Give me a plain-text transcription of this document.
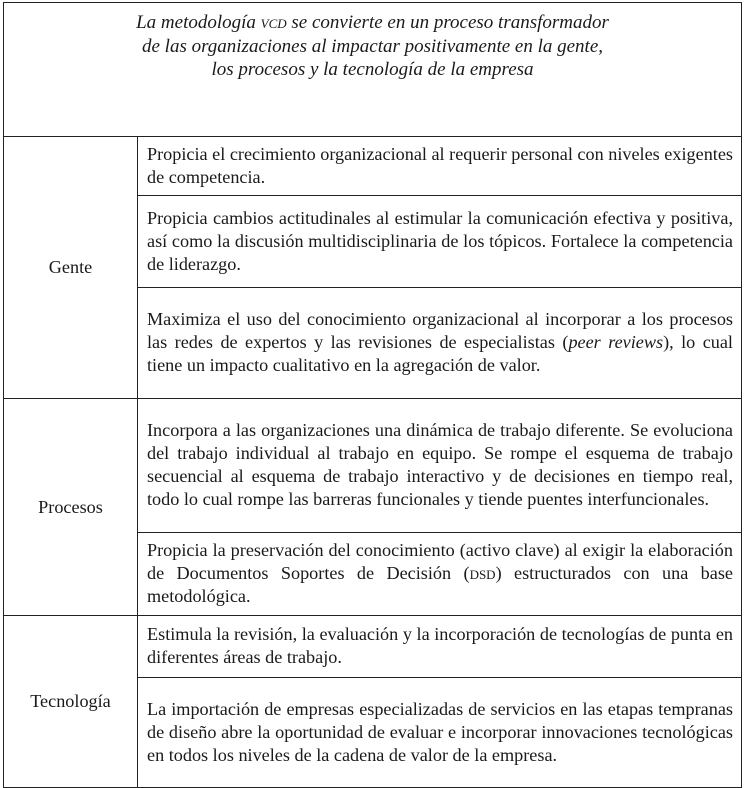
La metodología vcd se convierte en un proceso transformador
de las organizaciones al impactar positivamente en la gente,
los procesos y la tecnología de la empresa	
Gente	Propicia el crecimiento organizacional al requerir personal con niveles exigentes de competencia.
	Propicia cambios actitudinales al estimular la comunicación efectiva y positiva, así como la discusión multidisciplinaria de los tópicos. Fortalece la competencia de liderazgo.
	Maximiza el uso del conocimiento organizacional al incorporar a los procesos las redes de expertos y las revisiones de especialistas (peer reviews), lo cual tiene un impacto cualitativo en la agregación de valor.
Procesos	Incorpora a las organizaciones una dinámica de trabajo diferente. Se evoluciona del trabajo individual al trabajo en equipo. Se rompe el esquema de trabajo secuencial al esquema de trabajo interactivo y de decisiones en tiempo real, todo lo cual rompe las barreras funcionales y tiende puentes interfuncionales.
	Propicia la preservación del conocimiento (activo clave) al exigir la elaboración de Documentos Soportes de Decisión (dsd) estructurados con una base metodológica.
Tecnología	Estimula la revisión, la evaluación y la incorporación de tecnologías de punta en diferentes áreas de trabajo.
	La importación de empresas especializadas de servicios en las etapas tempranas de diseño abre la oportunidad de evaluar e incorporar innovaciones tecnológicas en todos los niveles de la cadena de valor de la empresa.
